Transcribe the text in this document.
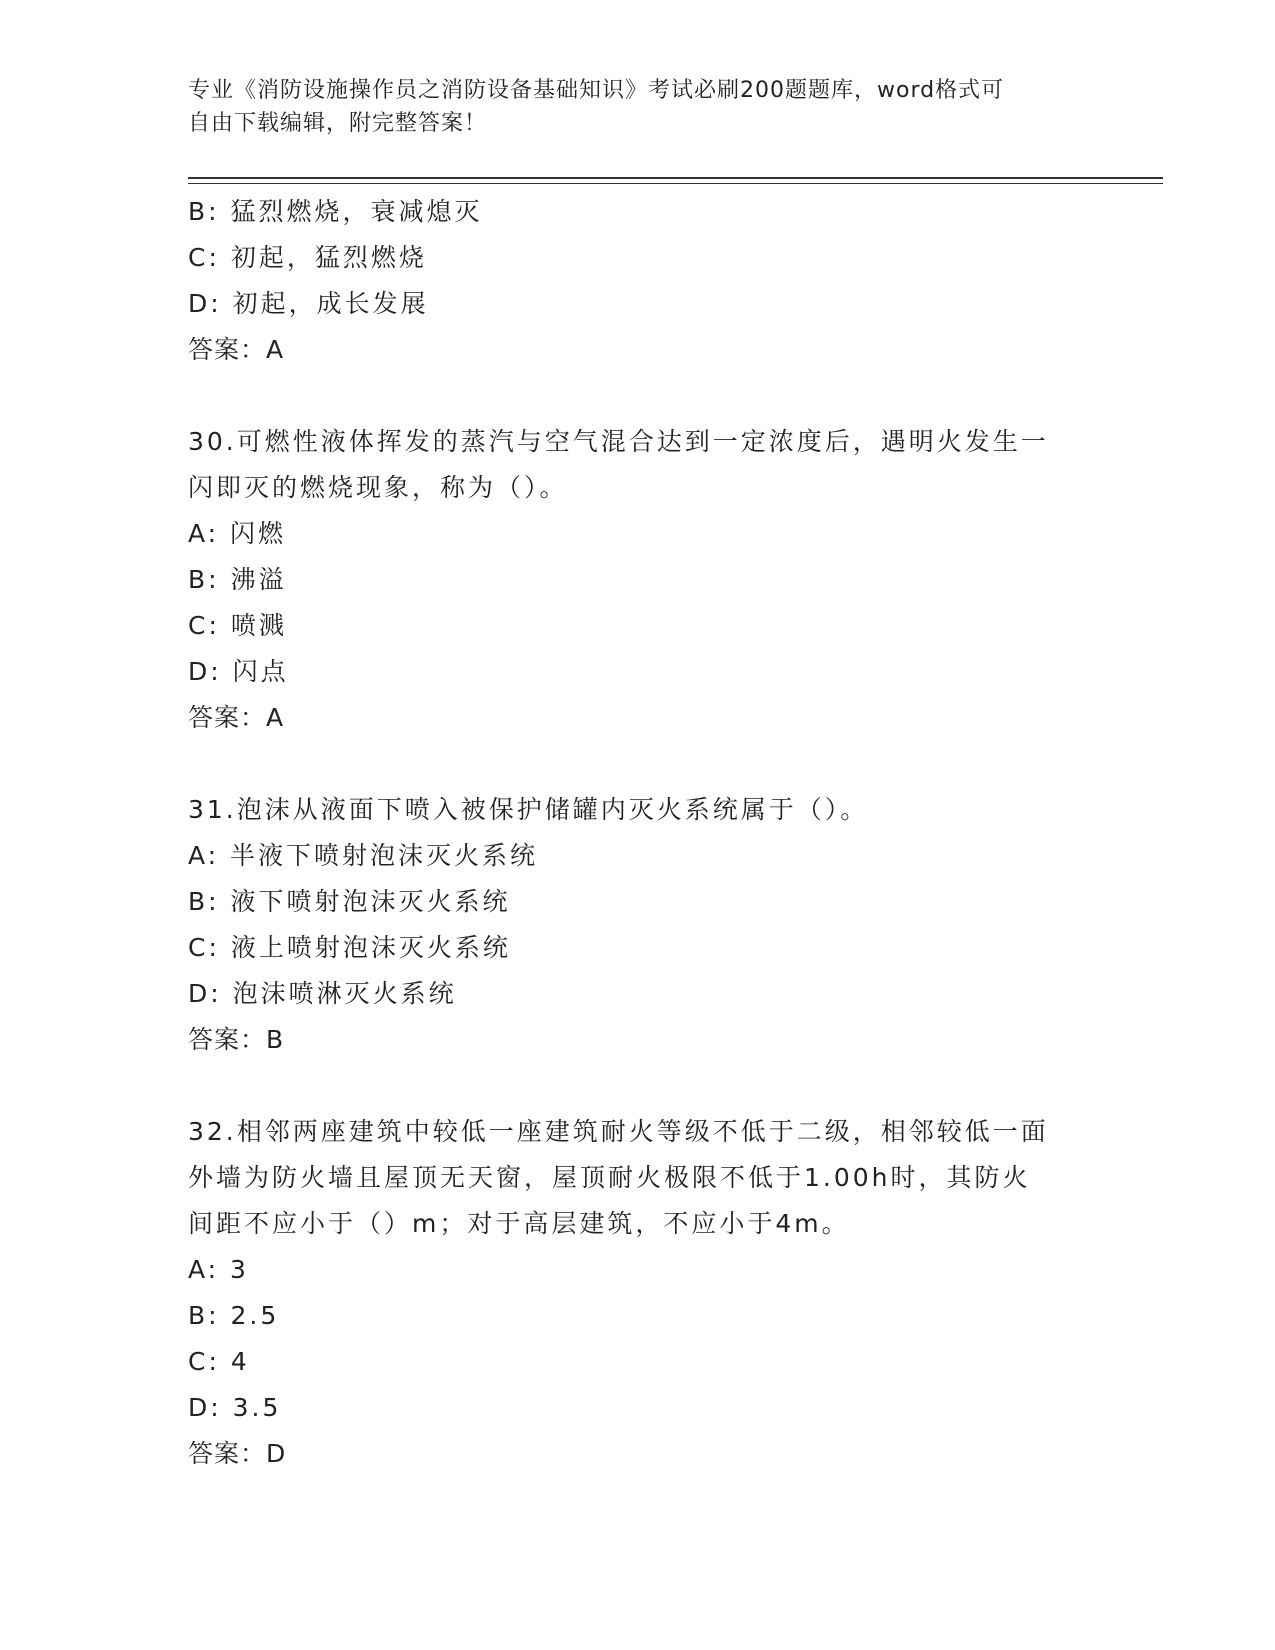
专业《消防设施操作员之消防设备基础知识》考试必刷200题题库，word格式可
自由下载编辑，附完整答案！
B: 猛烈燃烧，衰减熄灭
C: 初起，猛烈燃烧
D: 初起，成长发展
答案：A
30.可燃性液体挥发的蒸汽与空气混合达到一定浓度后，遇明火发生一
闪即灭的燃烧现象，称为（）。
A: 闪燃
B: 沸溢
C: 喷溅
D: 闪点
答案：A
31.泡沫从液面下喷入被保护储罐内灭火系统属于（）。
A: 半液下喷射泡沫灭火系统
B: 液下喷射泡沫灭火系统
C: 液上喷射泡沫灭火系统
D: 泡沫喷淋灭火系统
答案：B
32.相邻两座建筑中较低一座建筑耐火等级不低于二级，相邻较低一面
外墙为防火墙且屋顶无天窗，屋顶耐火极限不低于1.00h时，其防火
间距不应小于（）m；对于高层建筑，不应小于4m。
A: 3
B: 2.5
C: 4
D: 3.5
答案：D
